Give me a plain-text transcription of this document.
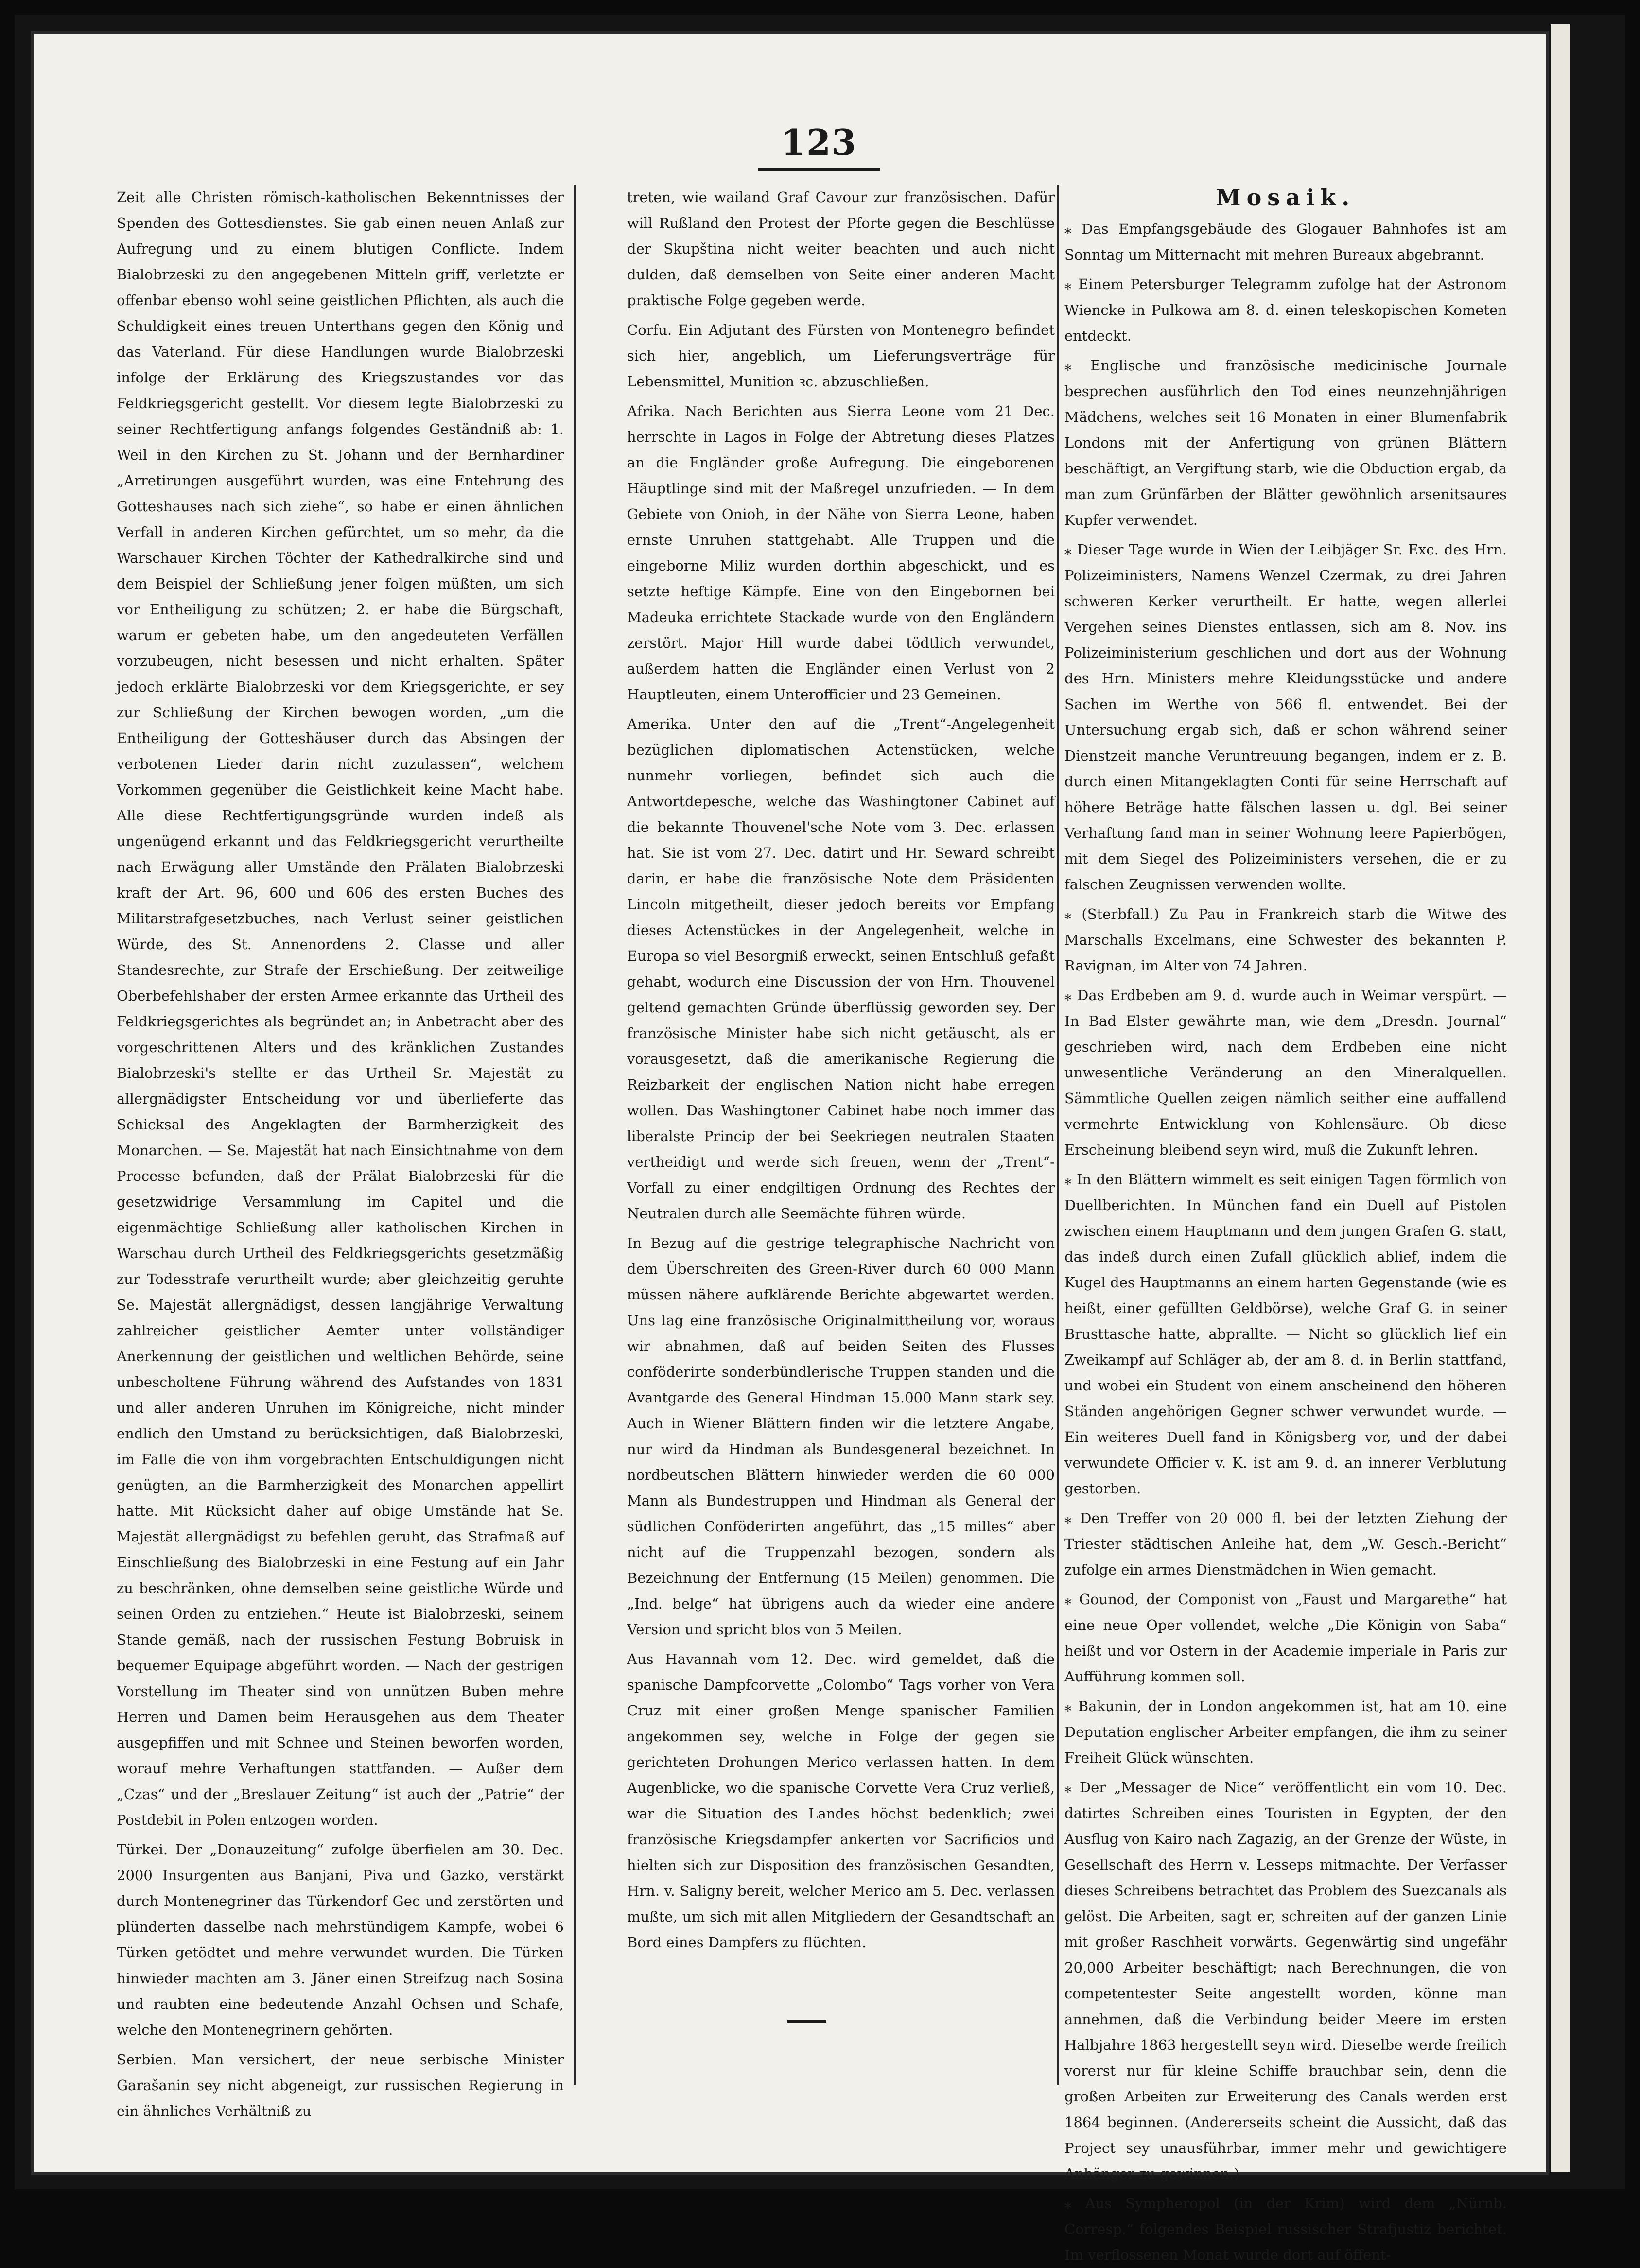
123

Zeit alle Christen römisch-katholischen Bekenntnisses der Spenden des Gottesdienstes. Sie gab einen neuen Anlaß zur Aufregung und zu einem blutigen Conflicte. Indem Bialobrzeski zu den angegebenen Mitteln griff, verletzte er offenbar ebenso wohl seine geistlichen Pflichten, als auch die Schuldigkeit eines treuen Unterthans gegen den König und das Vaterland. Für diese Handlungen wurde Bialobrzeski infolge der Erklärung des Kriegszustandes vor das Feldkriegsgericht gestellt. Vor diesem legte Bialobrzeski zu seiner Rechtfertigung anfangs folgendes Geständniß ab: 1. Weil in den Kirchen zu St. Johann und der Bernhardiner „Arretirungen ausgeführt wurden, was eine Entehrung des Gotteshauses nach sich ziehe“, so habe er einen ähnlichen Verfall in anderen Kirchen gefürchtet, um so mehr, da die Warschauer Kirchen Töchter der Kathedralkirche sind und dem Beispiel der Schließung jener folgen müßten, um sich vor Entheiligung zu schützen; 2. er habe die Bürgschaft, warum er gebeten habe, um den angedeuteten Verfällen vorzubeugen, nicht besessen und nicht erhalten. Später jedoch erklärte Bialobrzeski vor dem Kriegsgerichte, er sey zur Schließung der Kirchen bewogen worden, „um die Entheiligung der Gotteshäuser durch das Absingen der verbotenen Lieder darin nicht zuzulassen“, welchem Vorkommen gegenüber die Geistlichkeit keine Macht habe. Alle diese Rechtfertigungsgründe wurden indeß als ungenügend erkannt und das Feldkriegsgericht verurtheilte nach Erwägung aller Umstände den Prälaten Bialobrzeski kraft der Art. 96, 600 und 606 des ersten Buches des Militarstrafgesetzbuches, nach Verlust seiner geistlichen Würde, des St. Annenordens 2. Classe und aller Standesrechte, zur Strafe der Erschießung. Der zeitweilige Oberbefehlshaber der ersten Armee erkannte das Urtheil des Feldkriegsgerichtes als begründet an; in Anbetracht aber des vorgeschrittenen Alters und des kränklichen Zustandes Bialobrzeski's stellte er das Urtheil Sr. Majestät zu allergnädigster Entscheidung vor und überlieferte das Schicksal des Angeklagten der Barmherzigkeit des Monarchen. — Se. Majestät hat nach Einsichtnahme von dem Processe befunden, daß der Prälat Bialobrzeski für die gesetzwidrige Versammlung im Capitel und die eigenmächtige Schließung aller katholischen Kirchen in Warschau durch Urtheil des Feldkriegsgerichts gesetzmäßig zur Todesstrafe verurtheilt wurde; aber gleichzeitig geruhte Se. Majestät allergnädigst, dessen langjährige Verwaltung zahlreicher geistlicher Aemter unter vollständiger Anerkennung der geistlichen und weltlichen Behörde, seine unbescholtene Führung während des Aufstandes von 1831 und aller anderen Unruhen im Königreiche, nicht minder endlich den Umstand zu berücksichtigen, daß Bialobrzeski, im Falle die von ihm vorgebrachten Entschuldigungen nicht genügten, an die Barmherzigkeit des Monarchen appellirt hatte. Mit Rücksicht daher auf obige Umstände hat Se. Majestät allergnädigst zu befehlen geruht, das Strafmaß auf Einschließung des Bialobrzeski in eine Festung auf ein Jahr zu beschränken, ohne demselben seine geistliche Würde und seinen Orden zu entziehen.“ Heute ist Bialobrzeski, seinem Stande gemäß, nach der russischen Festung Bobruisk in bequemer Equipage abgeführt worden. — Nach der gestrigen Vorstellung im Theater sind von unnützen Buben mehre Herren und Damen beim Herausgehen aus dem Theater ausgepfiffen und mit Schnee und Steinen beworfen worden, worauf mehre Verhaftungen stattfanden. — Außer dem „Czas“ und der „Breslauer Zeitung“ ist auch der „Patrie“ der Postdebit in Polen entzogen worden.

Türkei. Der „Donauzeitung“ zufolge überfielen am 30. Dec. 2000 Insurgenten aus Banjani, Piva und Gazko, verstärkt durch Montenegriner das Türkendorf Gec und zerstörten und plünderten dasselbe nach mehrstündigem Kampfe, wobei 6 Türken getödtet und mehre verwundet wurden. Die Türken hinwieder machten am 3. Jäner einen Streifzug nach Sosina und raubten eine bedeutende Anzahl Ochsen und Schafe, welche den Montenegrinern gehörten.

Serbien. Man versichert, der neue serbische Minister Garašanin sey nicht abgeneigt, zur russischen Regierung in ein ähnliches Verhältniß zu

treten, wie wailand Graf Cavour zur französischen. Dafür will Rußland den Protest der Pforte gegen die Beschlüsse der Skupština nicht weiter beachten und auch nicht dulden, daß demselben von Seite einer anderen Macht praktische Folge gegeben werde.

Corfu. Ein Adjutant des Fürsten von Montenegro befindet sich hier, angeblich, um Lieferungsverträge für Lebensmittel, Munition ꝛc. abzuschließen.

Afrika. Nach Berichten aus Sierra Leone vom 21 Dec. herrschte in Lagos in Folge der Abtretung dieses Platzes an die Engländer große Aufregung. Die eingeborenen Häuptlinge sind mit der Maßregel unzufrieden. — In dem Gebiete von Onioh, in der Nähe von Sierra Leone, haben ernste Unruhen stattgehabt. Alle Truppen und die eingeborne Miliz wurden dorthin abgeschickt, und es setzte heftige Kämpfe. Eine von den Eingebornen bei Madeuka errichtete Stackade wurde von den Engländern zerstört. Major Hill wurde dabei tödtlich verwundet, außerdem hatten die Engländer einen Verlust von 2 Hauptleuten, einem Unterofficier und 23 Gemeinen.

Amerika. Unter den auf die „Trent“-Angelegenheit bezüglichen diplomatischen Actenstücken, welche nunmehr vorliegen, befindet sich auch die Antwortdepesche, welche das Washingtoner Cabinet auf die bekannte Thouvenel'sche Note vom 3. Dec. erlassen hat. Sie ist vom 27. Dec. datirt und Hr. Seward schreibt darin, er habe die französische Note dem Präsidenten Lincoln mitgetheilt, dieser jedoch bereits vor Empfang dieses Actenstückes in der Angelegenheit, welche in Europa so viel Besorgniß erweckt, seinen Entschluß gefaßt gehabt, wodurch eine Discussion der von Hrn. Thouvenel geltend gemachten Gründe überflüssig geworden sey. Der französische Minister habe sich nicht getäuscht, als er vorausgesetzt, daß die amerikanische Regierung die Reizbarkeit der englischen Nation nicht habe erregen wollen. Das Washingtoner Cabinet habe noch immer das liberalste Princip der bei Seekriegen neutralen Staaten vertheidigt und werde sich freuen, wenn der „Trent“-Vorfall zu einer endgiltigen Ordnung des Rechtes der Neutralen durch alle Seemächte führen würde.

In Bezug auf die gestrige telegraphische Nachricht von dem Überschreiten des Green-River durch 60 000 Mann müssen nähere aufklärende Berichte abgewartet werden. Uns lag eine französische Originalmittheilung vor, woraus wir abnahmen, daß auf beiden Seiten des Flusses conföderirte sonderbündlerische Truppen standen und die Avantgarde des General Hindman 15.000 Mann stark sey. Auch in Wiener Blättern finden wir die letztere Angabe, nur wird da Hindman als Bundesgeneral bezeichnet. In nordbeutschen Blättern hinwieder werden die 60 000 Mann als Bundestruppen und Hindman als General der südlichen Conföderirten angeführt, das „15 milles“ aber nicht auf die Truppenzahl bezogen, sondern als Bezeichnung der Entfernung (15 Meilen) genommen. Die „Ind. belge“ hat übrigens auch da wieder eine andere Version und spricht blos von 5 Meilen.

Aus Havannah vom 12. Dec. wird gemeldet, daß die spanische Dampfcorvette „Colombo“ Tags vorher von Vera Cruz mit einer großen Menge spanischer Familien angekommen sey, welche in Folge der gegen sie gerichteten Drohungen Merico verlassen hatten. In dem Augenblicke, wo die spanische Corvette Vera Cruz verließ, war die Situation des Landes höchst bedenklich; zwei französische Kriegsdampfer ankerten vor Sacrificios und hielten sich zur Disposition des französischen Gesandten, Hrn. v. Saligny bereit, welcher Merico am 5. Dec. verlassen mußte, um sich mit allen Mitgliedern der Gesandtschaft an Bord eines Dampfers zu flüchten.

Mosaik.

⁎ Das Empfangsgebäude des Glogauer Bahnhofes ist am Sonntag um Mitternacht mit mehren Bureaux abgebrannt.

⁎ Einem Petersburger Telegramm zufolge hat der Astronom Wiencke in Pulkowa am 8. d. einen teleskopischen Kometen entdeckt.

⁎ Englische und französische medicinische Journale besprechen ausführlich den Tod eines neunzehnjährigen Mädchens, welches seit 16 Monaten in einer Blumenfabrik Londons mit der Anfertigung von grünen Blättern beschäftigt, an Vergiftung starb, wie die Obduction ergab, da man zum Grünfärben der Blätter gewöhnlich arsenitsaures Kupfer verwendet.

⁎ Dieser Tage wurde in Wien der Leibjäger Sr. Exc. des Hrn. Polizeiministers, Namens Wenzel Czermak, zu drei Jahren schweren Kerker verurtheilt. Er hatte, wegen allerlei Vergehen seines Dienstes entlassen, sich am 8. Nov. ins Polizeiministerium geschlichen und dort aus der Wohnung des Hrn. Ministers mehre Kleidungsstücke und andere Sachen im Werthe von 566 fl. entwendet. Bei der Untersuchung ergab sich, daß er schon während seiner Dienstzeit manche Veruntreuung begangen, indem er z. B. durch einen Mitangeklagten Conti für seine Herrschaft auf höhere Beträge hatte fälschen lassen u. dgl. Bei seiner Verhaftung fand man in seiner Wohnung leere Papierbögen, mit dem Siegel des Polizeiministers versehen, die er zu falschen Zeugnissen verwenden wollte.

⁎ (Sterbfall.) Zu Pau in Frankreich starb die Witwe des Marschalls Excelmans, eine Schwester des bekannten P. Ravignan, im Alter von 74 Jahren.

⁎ Das Erdbeben am 9. d. wurde auch in Weimar verspürt. — In Bad Elster gewährte man, wie dem „Dresdn. Journal“ geschrieben wird, nach dem Erdbeben eine nicht unwesentliche Veränderung an den Mineralquellen. Sämmtliche Quellen zeigen nämlich seither eine auffallend vermehrte Entwicklung von Kohlensäure. Ob diese Erscheinung bleibend seyn wird, muß die Zukunft lehren.

⁎ In den Blättern wimmelt es seit einigen Tagen förmlich von Duellberichten. In München fand ein Duell auf Pistolen zwischen einem Hauptmann und dem jungen Grafen G. statt, das indeß durch einen Zufall glücklich ablief, indem die Kugel des Hauptmanns an einem harten Gegenstande (wie es heißt, einer gefüllten Geldbörse), welche Graf G. in seiner Brusttasche hatte, abprallte. — Nicht so glücklich lief ein Zweikampf auf Schläger ab, der am 8. d. in Berlin stattfand, und wobei ein Student von einem anscheinend den höheren Ständen angehörigen Gegner schwer verwundet wurde. — Ein weiteres Duell fand in Königsberg vor, und der dabei verwundete Officier v. K. ist am 9. d. an innerer Verblutung gestorben.

⁎ Den Treffer von 20 000 fl. bei der letzten Ziehung der Triester städtischen Anleihe hat, dem „W. Gesch.-Bericht“ zufolge ein armes Dienstmädchen in Wien gemacht.

⁎ Gounod, der Componist von „Faust und Margarethe“ hat eine neue Oper vollendet, welche „Die Königin von Saba“ heißt und vor Ostern in der Academie imperiale in Paris zur Aufführung kommen soll.

⁎ Bakunin, der in London angekommen ist, hat am 10. eine Deputation englischer Arbeiter empfangen, die ihm zu seiner Freiheit Glück wünschten.

⁎ Der „Messager de Nice“ veröffentlicht ein vom 10. Dec. datirtes Schreiben eines Touristen in Egypten, der den Ausflug von Kairo nach Zagazig, an der Grenze der Wüste, in Gesellschaft des Herrn v. Lesseps mitmachte. Der Verfasser dieses Schreibens betrachtet das Problem des Suezcanals als gelöst. Die Arbeiten, sagt er, schreiten auf der ganzen Linie mit großer Raschheit vorwärts. Gegenwärtig sind ungefähr 20,000 Arbeiter beschäftigt; nach Berechnungen, die von competentester Seite angestellt worden, könne man annehmen, daß die Verbindung beider Meere im ersten Halbjahre 1863 hergestellt seyn wird. Dieselbe werde freilich vorerst nur für kleine Schiffe brauchbar sein, denn die großen Arbeiten zur Erweiterung des Canals werden erst 1864 beginnen. (Andererseits scheint die Aussicht, daß das Project sey unausführbar, immer mehr und gewichtigere Anhänger zu gewinnen.)

⁎ Aus Sympheropol (in der Krim) wird dem „Nürnb. Corresp.“ folgendes Beispiel russischer Strafjustiz berichtet. Im verflossenen Monat wurde dort auf öffent-
